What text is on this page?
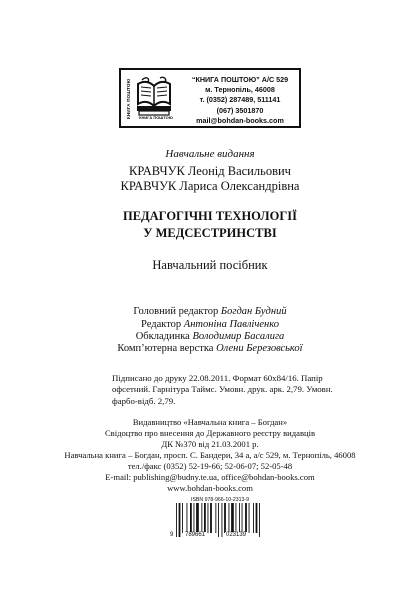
КНИГА ПОШТОЮ	КНИГА ПОШТОЮ
“КНИГА ПОШТОЮ” А/С 529
м. Тернопіль, 46008
т. (0352) 287489, 511141
(067) 3501870
mail@bohdan-books.com
Навчальне видання
КРАВЧУК Леонід Васильович
КРАВЧУК Лариса Олександрівна
ПЕДАГОГІЧНІ ТЕХНОЛОГІЇ
У МЕДСЕСТРИНСТВІ
Навчальний посібник
Головний редактор Богдан Будний
Редактор Антоніна Павліченко
Обкладинка Володимир Басалига
Комп’ютерна верстка Олени Березовської
Підписано до друку 22.08.2011. Формат 60х84/16. Папір офсетний. Гарнітура Таймс. Умовн. друк. арк. 2,79. Умовн. фарбо-відб. 2,79.
Видавництво «Навчальна книга – Богдан»
Свідоцтво про внесення до Державного реєстру видавців
ДК №370 від 21.03.2001 р.
Навчальна книга – Богдан, просп. С. Бандери, 34 а, а/с 529, м. Тернопіль, 46008
тел./факс (0352) 52-19-66; 52-06-07; 52-05-48
E-mail: publishing@budny.te.ua, office@bohdan-books.com
www.bohdan-books.com
ISBN 978-966-10-2313-9
9 789661	023139
